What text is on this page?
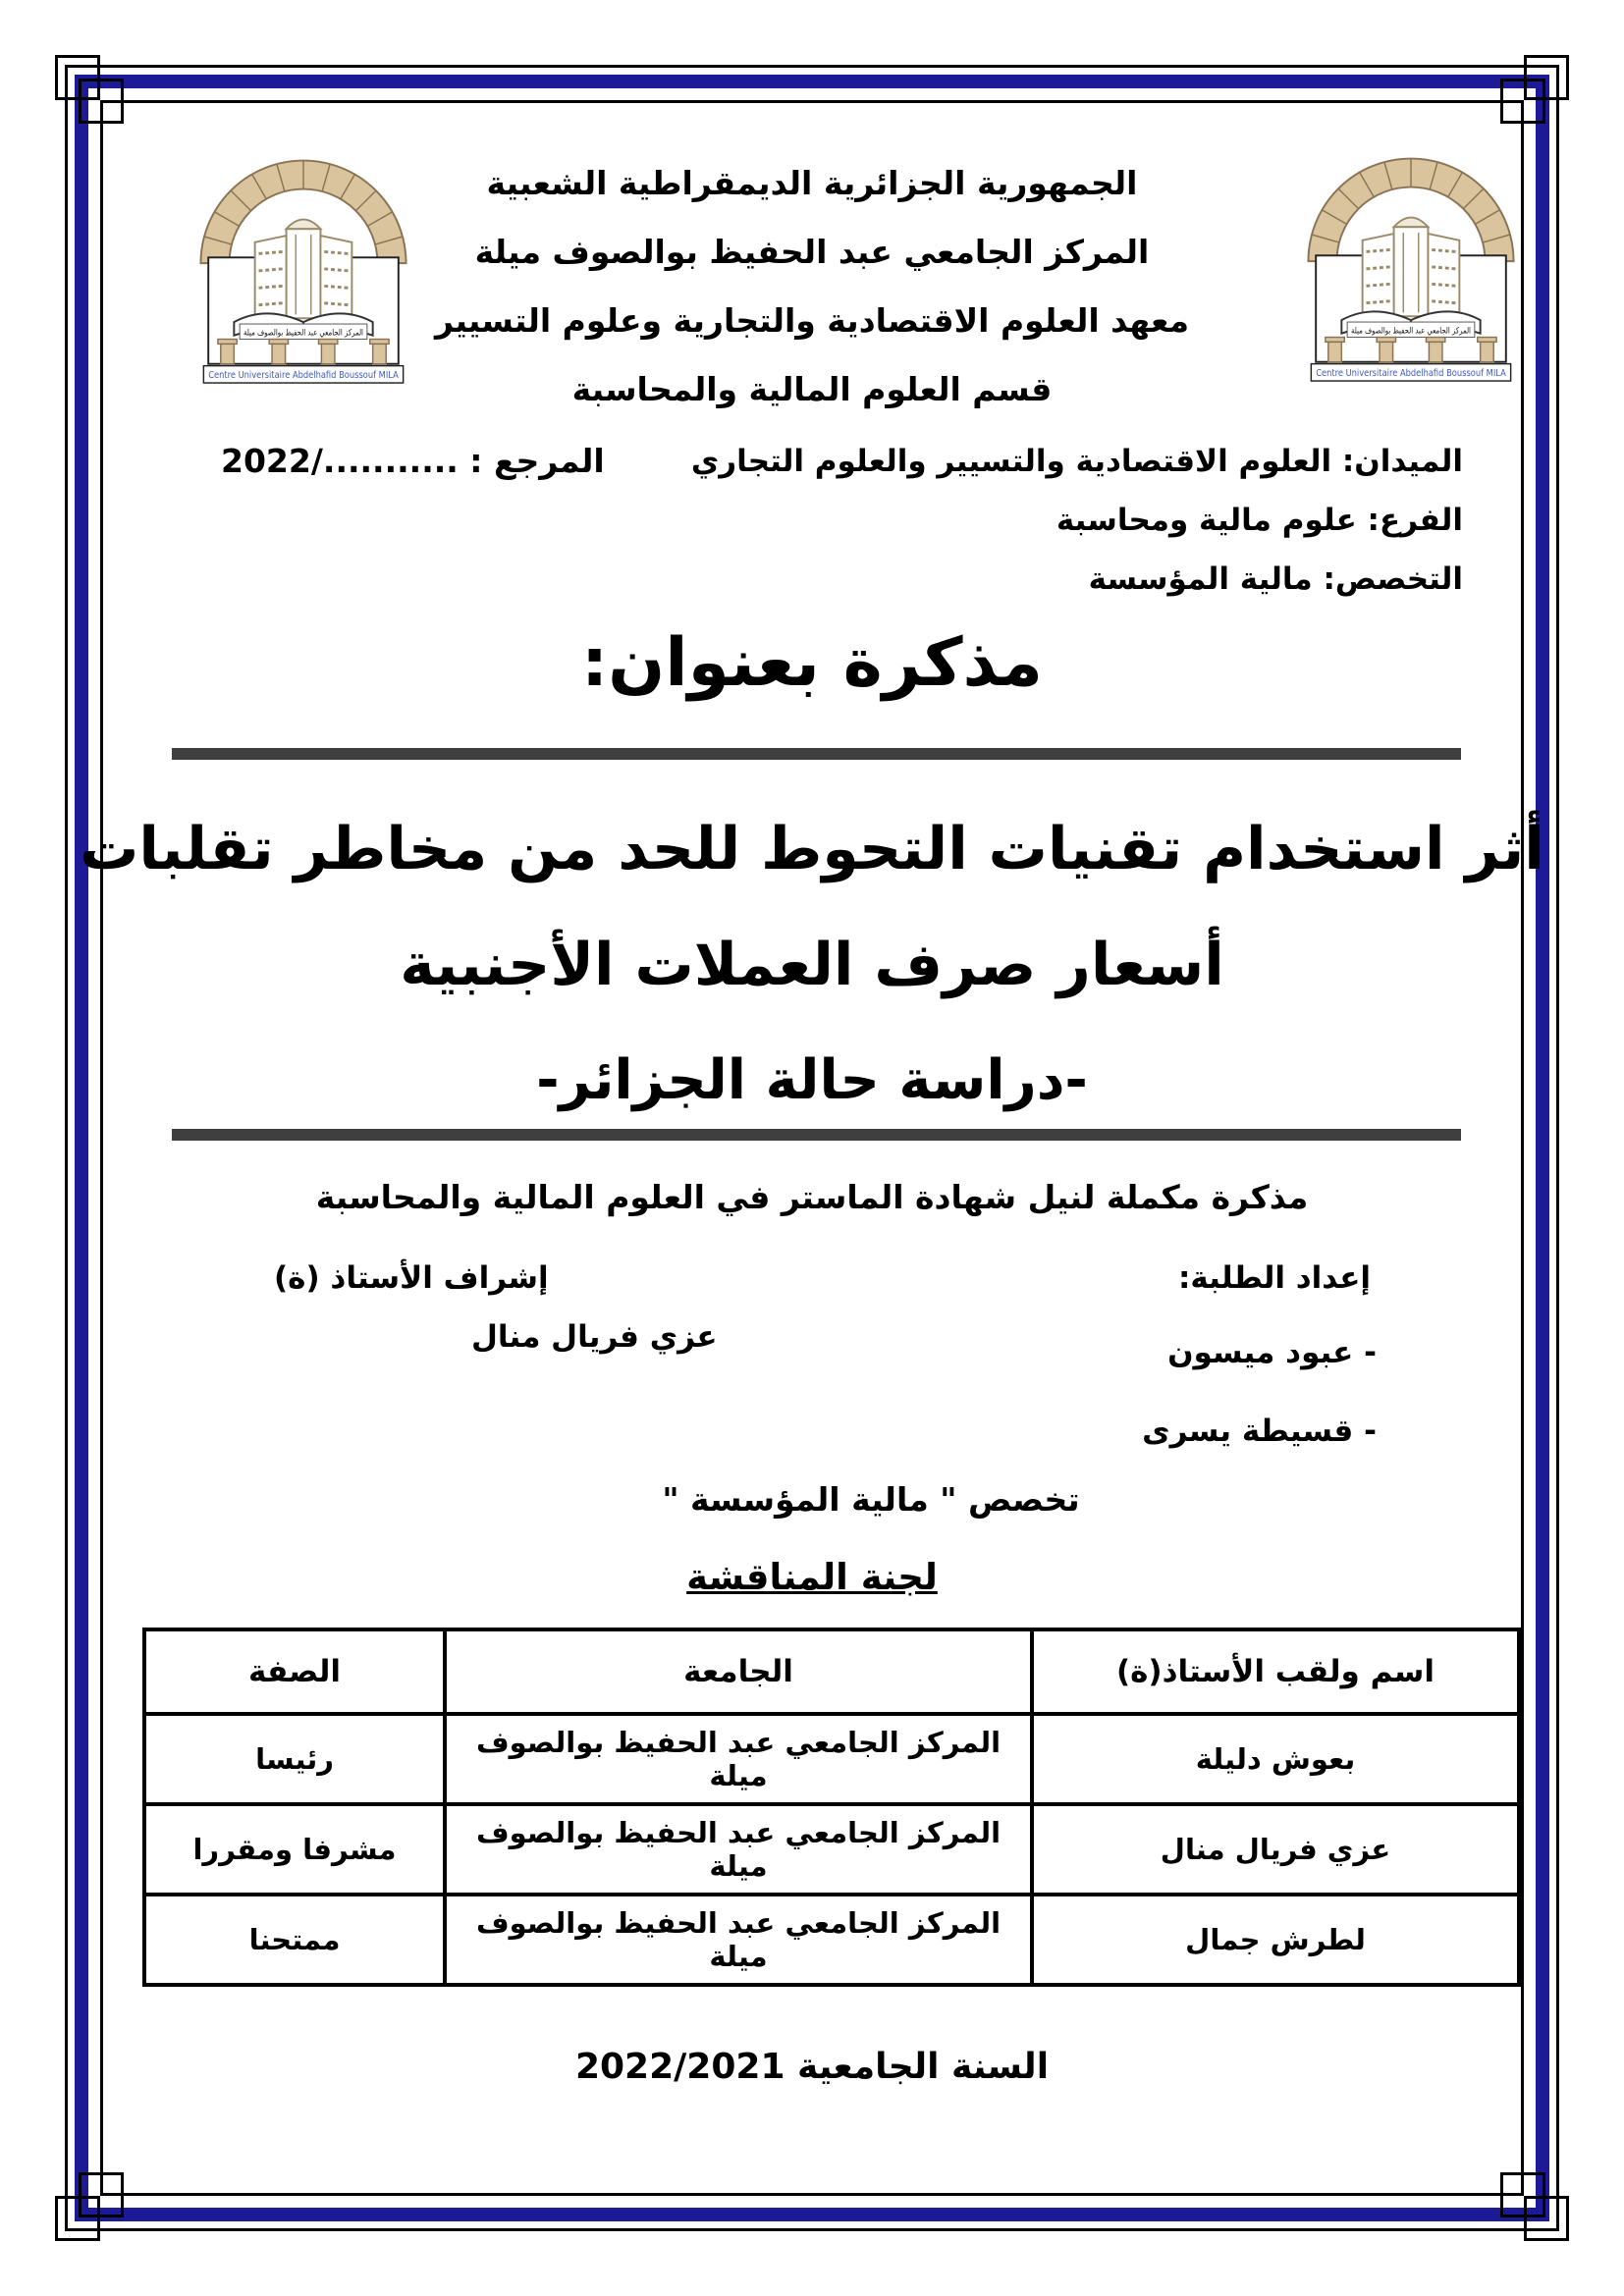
الجمهورية الجزائرية الديمقراطية الشعبية
المركز الجامعي عبد الحفيظ بوالصوف ميلة
معهد العلوم الاقتصادية والتجارية وعلوم التسيير
قسم العلوم المالية والمحاسبة
المركز الجامعي عبد الحفيظ بوالصوف ميلة
Centre Universitaire Abdelhafid Boussouf MILA
المركز الجامعي عبد الحفيظ بوالصوف ميلة
Centre Universitaire Abdelhafid Boussouf MILA
الميدان: العلوم الاقتصادية والتسيير والعلوم التجاري
الفرع: علوم مالية ومحاسبة
التخصص: مالية المؤسسة
المرجع : .........../2022
مذكرة بعنوان:
أثر استخدام تقنيات التحوط للحد من مخاطر تقلبات
أسعار صرف العملات الأجنبية
-دراسة حالة الجزائر-
مذكرة مكملة لنيل شهادة الماستر في العلوم المالية والمحاسبة
إعداد الطلبة:
- عبود ميسون
- قسيطة يسرى
إشراف الأستاذ (ة)
عزي فريال منال
تخصص " مالية المؤسسة "
لجنة المناقشة
اسم ولقب الأستاذ(ة)	الجامعة	الصفة
بعوش دليلة	المركز الجامعي عبد الحفيظ بوالصوف ميلة	رئيسا
عزي فريال منال	المركز الجامعي عبد الحفيظ بوالصوف ميلة	مشرفا ومقررا
لطرش جمال	المركز الجامعي عبد الحفيظ بوالصوف ميلة	ممتحنا
السنة الجامعية 2022/2021
